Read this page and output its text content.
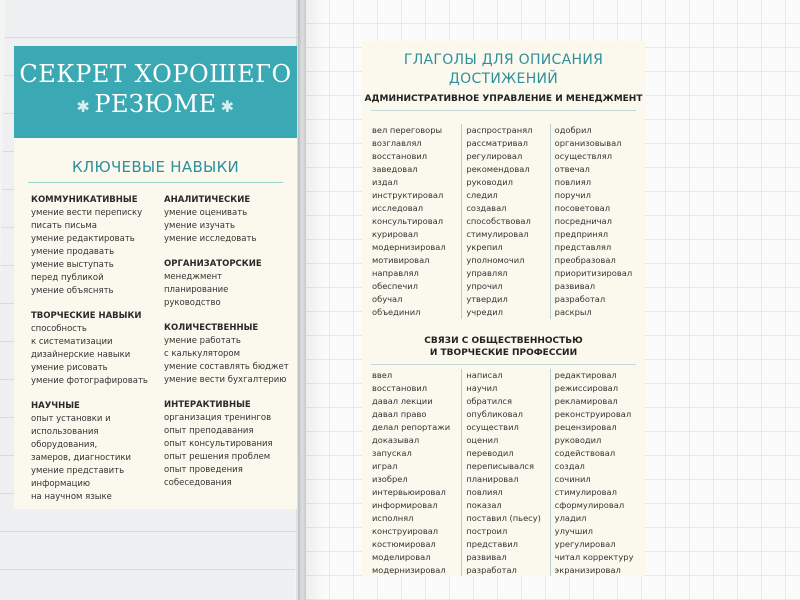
СЕКРЕТ ХОРОШЕГО
✱ РЕЗЮМЕ ✱
КЛЮЧЕВЫЕ НАВЫКИ
КОММУНИКАТИВНЫЕ
умение вести переписку
писать письма
умение редактировать
умение продавать
умение выступать
перед публикой
умение объяснять
ТВОРЧЕСКИЕ НАВЫКИ
способность
к систематизации
дизайнерские навыки
умение рисовать
умение фотографировать
НАУЧНЫЕ
опыт установки и
использования
оборудования,
замеров, диагностики
умение представить
информацию
на научном языке
АНАЛИТИЧЕСКИЕ
умение оценивать
умение изучать
умение исследовать
ОРГАНИЗАТОРСКИЕ
менеджмент
планирование
руководство
КОЛИЧЕСТВЕННЫЕ
умение работать
с калькулятором
умение составлять бюджет
умение вести бухгалтерию
ИНТЕРАКТИВНЫЕ
организация тренингов
опыт преподавания
опыт консультирования
опыт решения проблем
опыт проведения
собеседования
ГЛАГОЛЫ ДЛЯ ОПИСАНИЯ
ДОСТИЖЕНИЙ
АДМИНИСТРАТИВНОЕ УПРАВЛЕНИЕ И МЕНЕДЖМЕНТ
вел переговоры
возглавлял
восстановил
заведовал
издал
инструктировал
исследовал
консультировал
курировал
модернизировал
мотивировал
направлял
обеспечил
обучал
объединил
распространял
рассматривал
регулировал
рекомендовал
руководил
следил
создавал
способствовал
стимулировал
укрепил
уполномочил
управлял
упрочил
утвердил
учредил
одобрил
организовывал
осуществлял
отвечал
повлиял
поручил
посоветовал
посредничал
предпринял
представлял
преобразовал
приоритизировал
развивал
разработал
раскрыл
СВЯЗИ С ОБЩЕСТВЕННОСТЬЮ
И ТВОРЧЕСКИЕ ПРОФЕССИИ
ввел
восстановил
давал лекции
давал право
делал репортажи
доказывал
запускал
играл
изобрел
интервьюировал
информировал
исполнял
конструировал
костюмировал
моделировал
модернизировал
написал
научил
обратился
опубликовал
осуществил
оценил
переводил
переписывался
планировал
повлиял
показал
поставил (пьесу)
построил
представил
развивал
разработал
редактировал
режиссировал
рекламировал
реконструировал
рецензировал
руководил
содействовал
создал
сочинил
стимулировал
сформулировал
уладил
улучшил
урегулировал
читал корректуру
экранизировал
